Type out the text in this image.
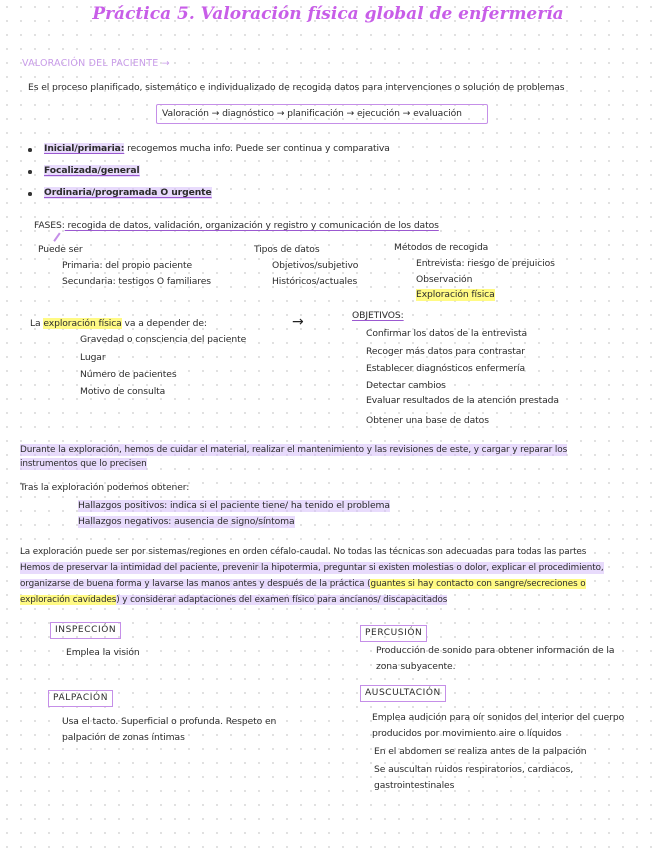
Práctica 5. Valoración física global de enfermería
VALORACIÓN DEL PACIENTE →
Es el proceso planificado, sistemático e individualizado de recogida datos para intervenciones o solución de problemas
Valoración → diagnóstico → planificación → ejecución → evaluación
Inicial/primaria: recogemos mucha info. Puede ser continua y comparativa
Focalizada/general
Ordinaria/programada O urgente
FASES: recogida de datos, validación, organización y registro y comunicación de los datos
Puede ser
Primaria: del propio paciente
Secundaria: testigos O familiares
Tipos de datos
Objetivos/subjetivo
Históricos/actuales
Métodos de recogida
Entrevista: riesgo de prejuicios
Observación
Exploración física
La exploración física va a depender de:
Gravedad o consciencia del paciente
Lugar
Número de pacientes
Motivo de consulta
→	OBJETIVOS:
Confirmar los datos de la entrevista
Recoger más datos para contrastar
Establecer diagnósticos enfermería
Detectar cambios
Evaluar resultados de la atención prestada
Obtener una base de datos
Durante la exploración, hemos de cuidar el material, realizar el mantenimiento y las revisiones de este, y cargar y reparar los
instrumentos que lo precisen
Tras la exploración podemos obtener:
Hallazgos positivos: indica si el paciente tiene/ ha tenido el problema
Hallazgos negativos: ausencia de signo/síntoma
La exploración puede ser por sistemas/regiones en orden céfalo-caudal. No todas las técnicas son adecuadas para todas las partes
Hemos de preservar la intimidad del paciente, prevenir la hipotermia, preguntar si existen molestias o dolor, explicar el procedimiento,
organizarse de buena forma y lavarse las manos antes y después de la práctica (guantes si hay contacto con sangre/secreciones o
exploración cavidades) y considerar adaptaciones del examen físico para ancianos/ discapacitados
INSPECCIÓN
Emplea la visión
PERCUSIÓN
Producción de sonido para obtener información de la
zona subyacente.
PALPACIÓN
Usa el tacto. Superficial o profunda. Respeto en
palpación de zonas íntimas
AUSCULTACIÓN
Emplea audición para oír sonidos del interior del cuerpo
producidos por movimiento aire o líquidos
En el abdomen se realiza antes de la palpación
Se auscultan ruidos respiratorios, cardiacos,
gastrointestinales
